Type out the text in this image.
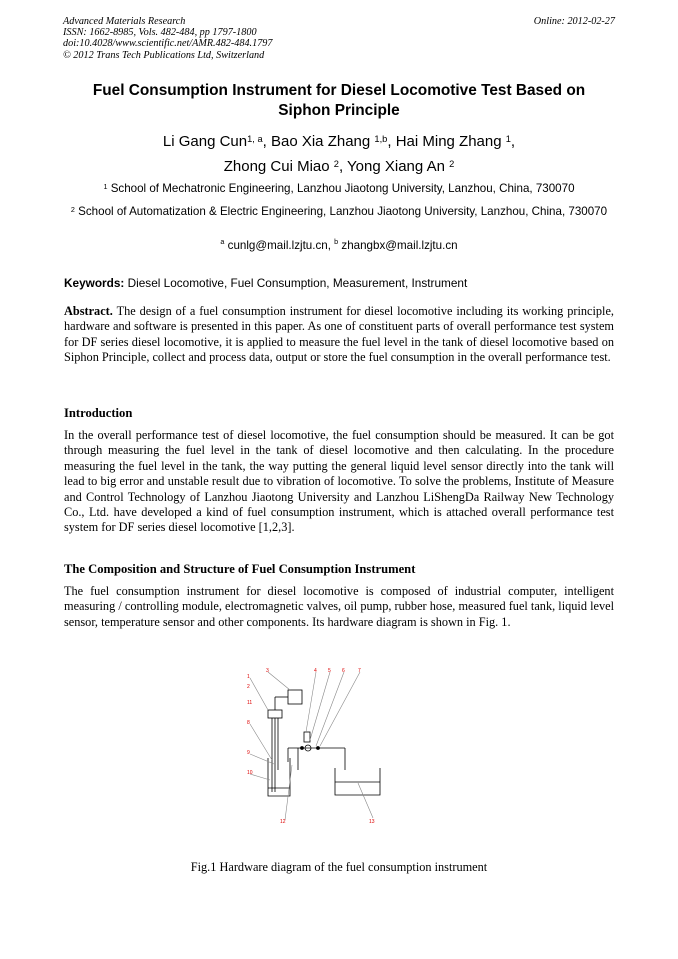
Advanced Materials Research
ISSN: 1662-8985, Vols. 482-484, pp 1797-1800
doi:10.4028/www.scientific.net/AMR.482-484.1797
© 2012 Trans Tech Publications Ltd, Switzerland
Online: 2012-02-27
Fuel Consumption Instrument for Diesel Locomotive Test Based on
Siphon Principle
Li Gang Cun$^{1, a}$, Bao Xia Zhang $^{1,b}$, Hai Ming Zhang $^1$,
Zhong Cui Miao $^2$, Yong Xiang An $^2$
$^1$ School of Mechatronic Engineering, Lanzhou Jiaotong University, Lanzhou, China, 730070
$^2$ School of Automatization & Electric Engineering, Lanzhou Jiaotong University, Lanzhou, China, 730070
$^a$ cunlg@mail.lzjtu.cn, $^b$ zhangbx@mail.lzjtu.cn
Keywords: Diesel Locomotive, Fuel Consumption, Measurement, Instrument
Abstract. The design of a fuel consumption instrument for diesel locomotive including its working principle, hardware and software is presented in this paper. As one of constituent parts of overall performance test system for DF series diesel locomotive, it is applied to measure the fuel level in the tank of diesel locomotive based on Siphon Principle, collect and process data, output or store the fuel consumption in the overall performance test.
Introduction
In the overall performance test of diesel locomotive, the fuel consumption should be measured. It can be got through measuring the fuel level in the tank of diesel locomotive and then calculating. In the procedure measuring the fuel level in the tank, the way putting the general liquid level sensor directly into the tank will lead to big error and unstable result due to vibration of locomotive. To solve the problems, Institute of Measure and Control Technology of Lanzhou Jiaotong University and Lanzhou LiShengDa Railway New Technology Co., Ltd. have developed a kind of fuel consumption instrument, which is attached overall performance test system for DF series diesel locomotive [1,2,3].
The Composition and Structure of Fuel Consumption Instrument
The fuel consumption instrument for diesel locomotive is composed of industrial computer, intelligent measuring / controlling module, electromagnetic valves, oil pump, rubber hose, measured fuel tank, liquid level sensor, temperature sensor and other components. Its hardware diagram is shown in Fig. 1.
1
2
3	4 5 6	7
8
9
10
11
12	13
Fig.1 Hardware diagram of the fuel consumption instrument
